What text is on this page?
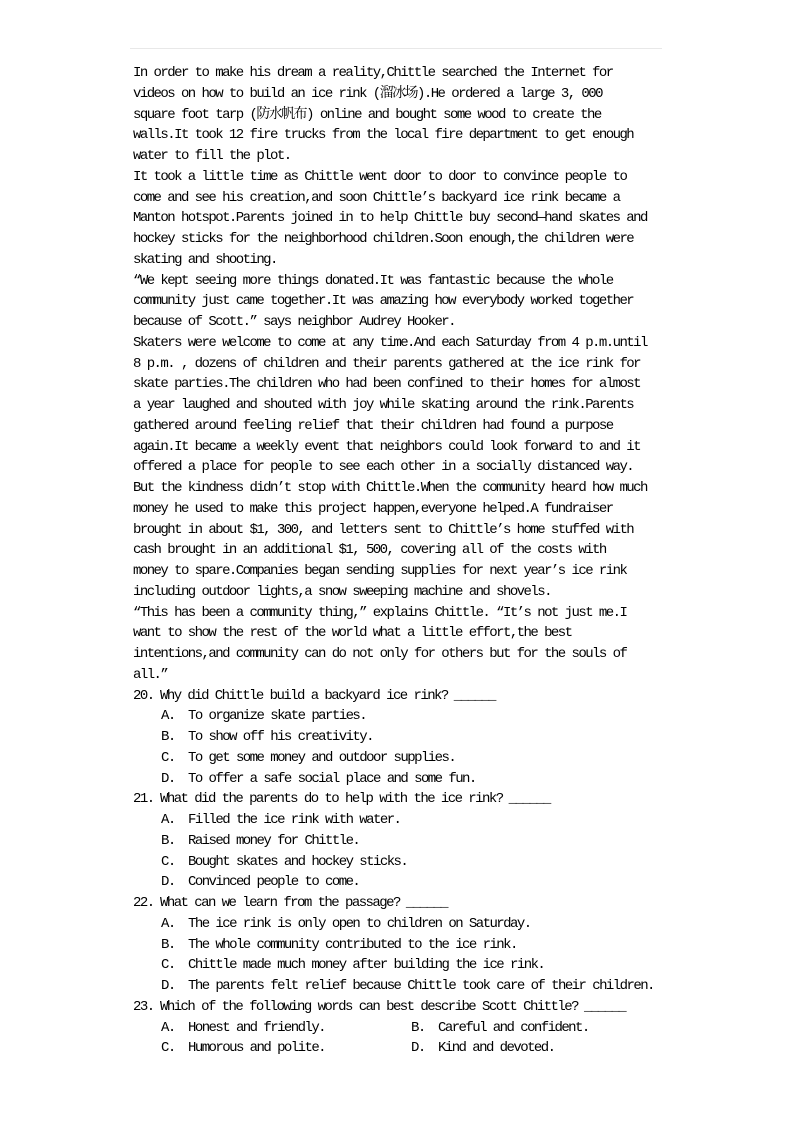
In order to make his dream a reality,Chittle searched the Internet for
videos on how to build an ice rink (溜冰场).He ordered a large 3, 000
square foot tarp (防水帆布) online and bought some wood to create the
walls.It took 12 fire trucks from the local fire department to get enough
water to fill the plot.
It took a little time as Chittle went door to door to convince people to
come and see his creation,and soon Chittle’s backyard ice rink became a
Manton hotspot.Parents joined in to help Chittle buy second—hand skates and
hockey sticks for the neighborhood children.Soon enough,the children were
skating and shooting.
“We kept seeing more things donated.It was fantastic because the whole
community just came together.It was amazing how everybody worked together
because of Scott.” says neighbor Audrey Hooker.
Skaters were welcome to come at any time.And each Saturday from 4 p.m.until
8 p.m. , dozens of children and their parents gathered at the ice rink for
skate parties.The children who had been confined to their homes for almost
a year laughed and shouted with joy while skating around the rink.Parents
gathered around feeling relief that their children had found a purpose
again.It became a weekly event that neighbors could look forward to and it
offered a place for people to see each other in a socially distanced way.
But the kindness didn’t stop with Chittle.When the community heard how much
money he used to make this project happen,everyone helped.A fundraiser
brought in about $1, 300, and letters sent to Chittle’s home stuffed with
cash brought in an additional $1, 500, covering all of the costs with
money to spare.Companies began sending supplies for next year’s ice rink
including outdoor lights,a snow sweeping machine and shovels.
“This has been a community thing,” explains Chittle. “It’s not just me.I
want to show the rest of the world what a little effort,the best
intentions,and community can do not only for others but for the souls of
all.”
20. Why did Chittle build a backyard ice rink? ______
A. To organize skate parties.
B. To show off his creativity.
C. To get some money and outdoor supplies.
D. To offer a safe social place and some fun.
21. What did the parents do to help with the ice rink? ______
A. Filled the ice rink with water.
B. Raised money for Chittle.
C. Bought skates and hockey sticks.
D. Convinced people to come.
22. What can we learn from the passage? ______
A. The ice rink is only open to children on Saturday.
B. The whole community contributed to the ice rink.
C. Chittle made much money after building the ice rink.
D. The parents felt relief because Chittle took care of their children.
23. Which of the following words can best describe Scott Chittle? ______
A. Honest and friendly.	B. Careful and confident.
C. Humorous and polite.	D. Kind and devoted.
